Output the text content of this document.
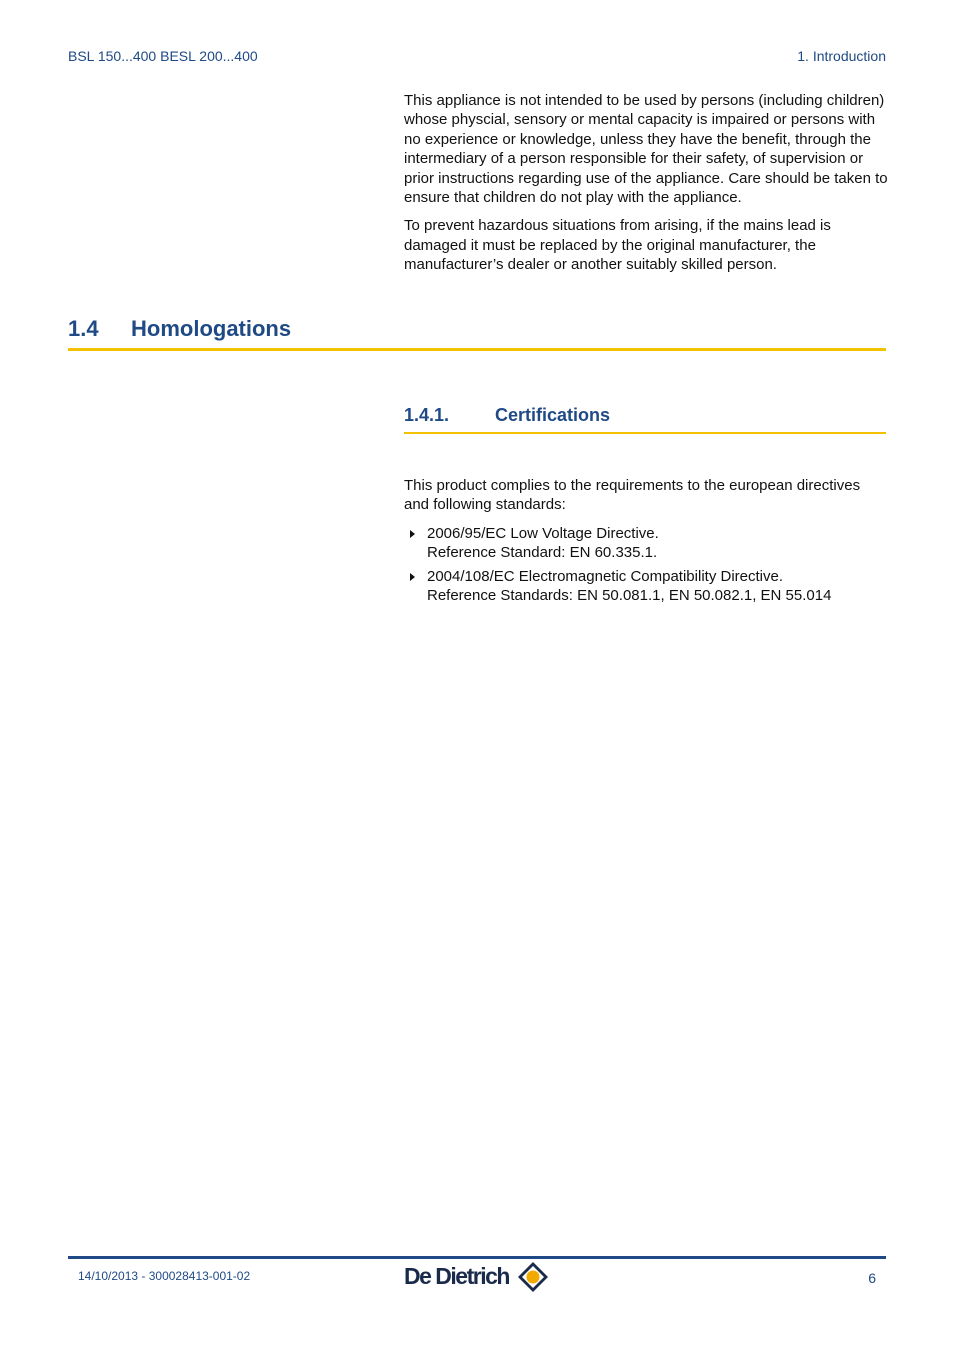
BSL 150...400 BESL 200...400	1. Introduction

This appliance is not intended to be used by persons (including children) whose physcial, sensory or mental capacity is impaired or persons with no experience or knowledge, unless they have the benefit, through the intermediary of a person responsible for their safety, of supervision or prior instructions regarding use of the appliance. Care should be taken to ensure that children do not play with the appliance.

To prevent hazardous situations from arising, if the mains lead is damaged it must be replaced by the original manufacturer, the manufacturer’s dealer or another suitably skilled person.

1.4 Homologations
1.4.1.	Certifications

This product complies to the requirements to the european directives and following standards:

2006/95/EC Low Voltage Directive.
Reference Standard: EN 60.335.1.
2004/108/EC Electromagnetic Compatibility Directive.
Reference Standards: EN 50.081.1, EN 50.082.1, EN 55.014
14/10/2013 - 300028413-001-02	De Dietrich	6
